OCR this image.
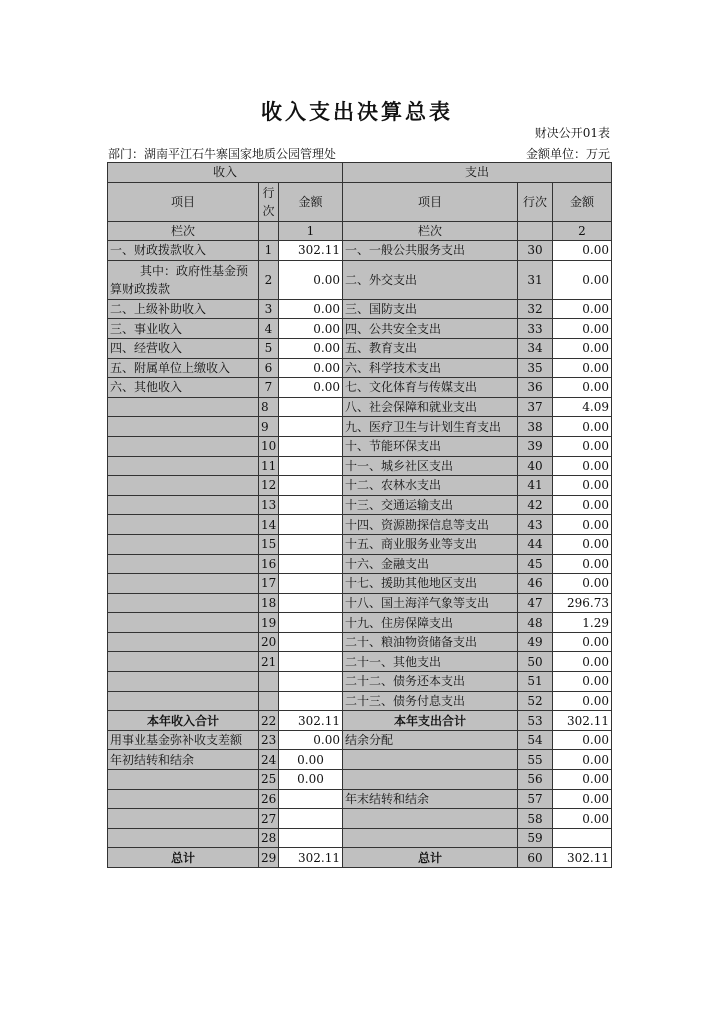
收入支出决算总表
财决公开01表
部门：湖南平江石牛寨国家地质公园管理处	金额单位：万元
收入			支出		
项目	行次	金额	项目	行次	金额
栏次		1	栏次		2
一、财政拨款收入	1	302.11	一、一般公共服务支出	30	0.00
其中：政府性基金预算财政拨款	2	0.00	二、外交支出	31	0.00
二、上级补助收入	3	0.00	三、国防支出	32	0.00
三、事业收入	4	0.00	四、公共安全支出	33	0.00
四、经营收入	5	0.00	五、教育支出	34	0.00
五、附属单位上缴收入	6	0.00	六、科学技术支出	35	0.00
六、其他收入	7	0.00	七、文化体育与传媒支出	36	0.00
	8		八、社会保障和就业支出	37	4.09
	9		九、医疗卫生与计划生育支出	38	0.00
	10		十、节能环保支出	39	0.00
	11		十一、城乡社区支出	40	0.00
	12		十二、农林水支出	41	0.00
	13		十三、交通运输支出	42	0.00
	14		十四、资源勘探信息等支出	43	0.00
	15		十五、商业服务业等支出	44	0.00
	16		十六、金融支出	45	0.00
	17		十七、援助其他地区支出	46	0.00
	18		十八、国土海洋气象等支出	47	296.73
	19		十九、住房保障支出	48	1.29
	20		二十、粮油物资储备支出	49	0.00
	21		二十一、其他支出	50	0.00
			二十二、债务还本支出	51	0.00
			二十三、债务付息支出	52	0.00
本年收入合计	22	302.11	本年支出合计	53	302.11
用事业基金弥补收支差额	23	0.00	结余分配	54	0.00
年初结转和结余	24	0.00		55	0.00
	25	0.00		56	0.00
	26		年末结转和结余	57	0.00
	27			58	0.00
	28			59	
总计	29	302.11	总计	60	302.11
